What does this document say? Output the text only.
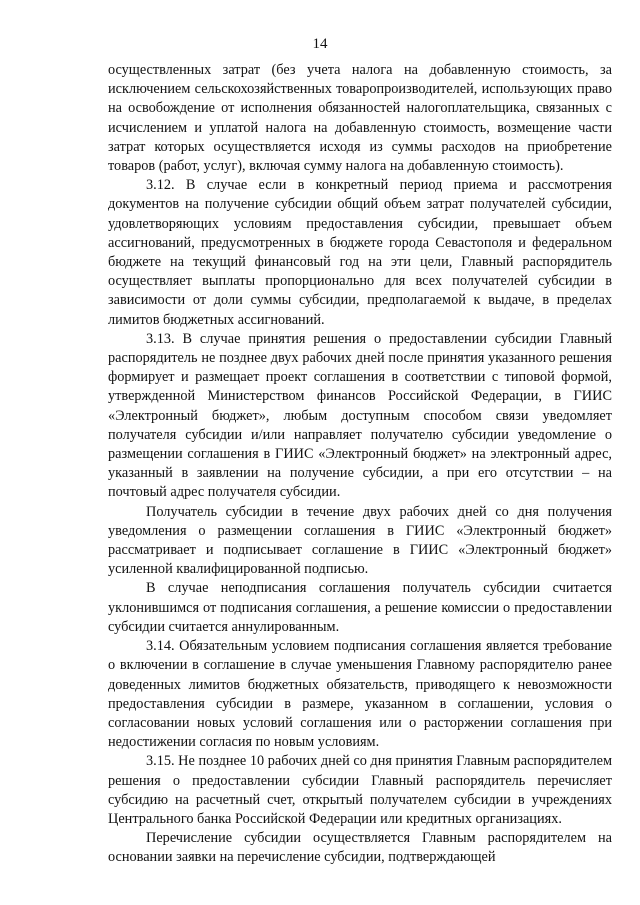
14

осуществленных затрат (без учета налога на добавленную стоимость, за исключением сельскохозяйственных товаропроизводителей, использующих право на освобождение от исполнения обязанностей налогоплательщика, связанных с исчислением и уплатой налога на добавленную стоимость, возмещение части затрат которых осуществляется исходя из суммы расходов на приобретение товаров (работ, услуг), включая сумму налога на добавленную стоимость).

3.12. В случае если в конкретный период приема и рассмотрения документов на получение субсидии общий объем затрат получателей субсидии, удовлетворяющих условиям предоставления субсидии, превышает объем ассигнований, предусмотренных в бюджете города Севастополя и федеральном бюджете на текущий финансовый год на эти цели, Главный распорядитель осуществляет выплаты пропорционально для всех получателей субсидии в зависимости от доли суммы субсидии, предполагаемой к выдаче, в пределах лимитов бюджетных ассигнований.

3.13. В случае принятия решения о предоставлении субсидии Главный распорядитель не позднее двух рабочих дней после принятия указанного решения формирует и размещает проект соглашения в соответствии с типовой формой, утвержденной Министерством финансов Российской Федерации, в ГИИС «Электронный бюджет», любым доступным способом связи уведомляет получателя субсидии и/или направляет получателю субсидии уведомление о размещении соглашения в ГИИС «Электронный бюджет» на электронный адрес, указанный в заявлении на получение субсидии, а при его отсутствии – на почтовый адрес получателя субсидии.

Получатель субсидии в течение двух рабочих дней со дня получения уведомления о размещении соглашения в ГИИС «Электронный бюджет» рассматривает и подписывает соглашение в ГИИС «Электронный бюджет» усиленной квалифицированной подписью.

В случае неподписания соглашения получатель субсидии считается уклонившимся от подписания соглашения, а решение комиссии о предоставлении субсидии считается аннулированным.

3.14. Обязательным условием подписания соглашения является требование о включении в соглашение в случае уменьшения Главному распорядителю ранее доведенных лимитов бюджетных обязательств, приводящего к невозможности предоставления субсидии в размере, указанном в соглашении, условия о согласовании новых условий соглашения или о расторжении соглашения при недостижении согласия по новым условиям.

3.15. Не позднее 10 рабочих дней со дня принятия Главным распорядителем решения о предоставлении субсидии Главный распорядитель перечисляет субсидию на расчетный счет, открытый получателем субсидии в учреждениях Центрального банка Российской Федерации или кредитных организациях.

Перечисление субсидии осуществляется Главным распорядителем на основании заявки на перечисление субсидии, подтверждающей
